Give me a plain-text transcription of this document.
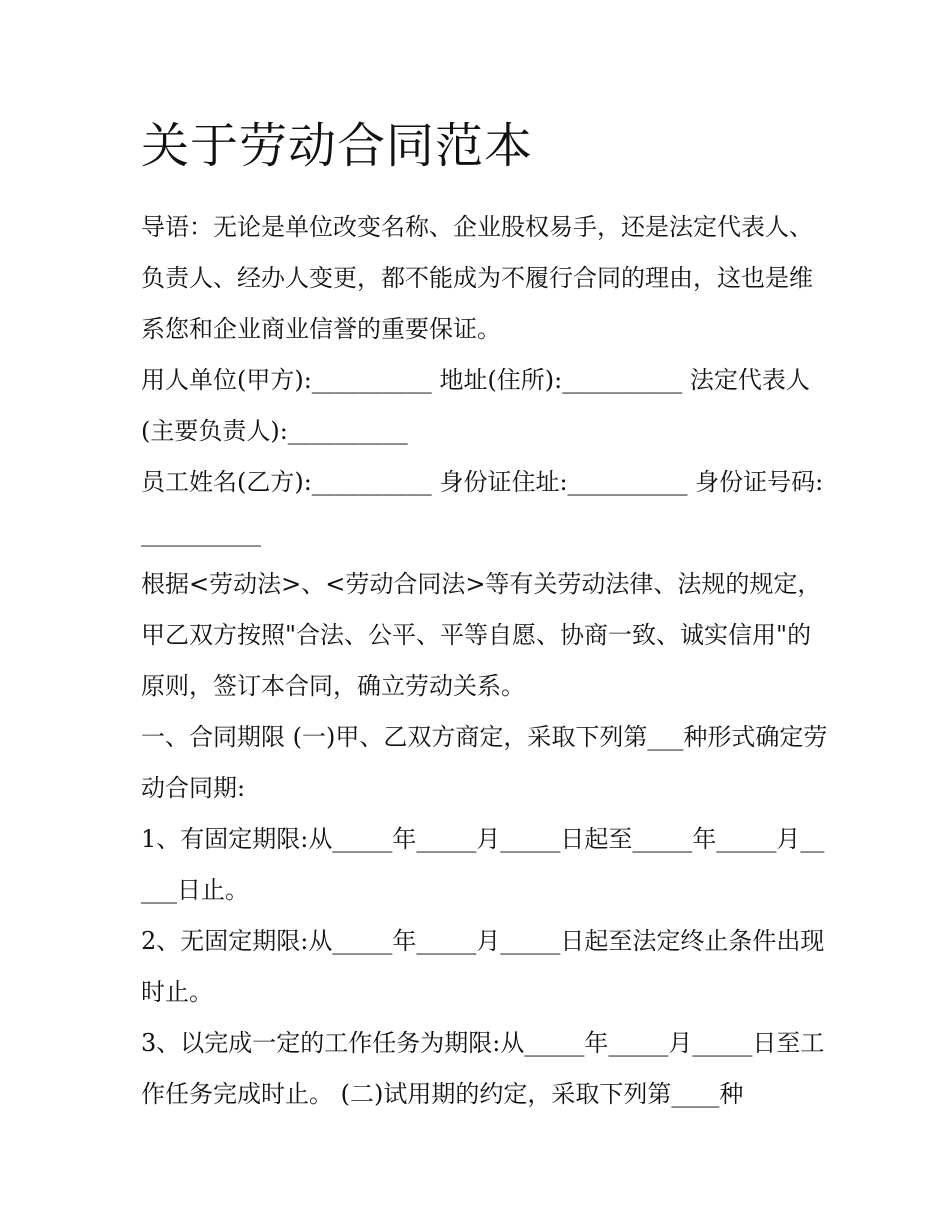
关于劳动合同范本

导语：无论是单位改变名称、企业股权易手，还是法定代表人、负责人、经办人变更，都不能成为不履行合同的理由，这也是维系您和企业商业信誉的重要保证。

用人单位(甲方):__________ 地址(住所):__________ 法定代表人(主要负责人):__________

员工姓名(乙方):__________ 身份证住址:__________ 身份证号码:__________

根据<劳动法>、<劳动合同法>等有关劳动法律、法规的规定，甲乙双方按照"合法、公平、平等自愿、协商一致、诚实信用"的原则，签订本合同，确立劳动关系。

一、合同期限 (一)甲、乙双方商定，采取下列第___种形式确定劳动合同期:

1、有固定期限:从_____年_____月_____日起至_____年_____月_____日止。

2、无固定期限:从_____年_____月_____日起至法定终止条件出现时止。

3、以完成一定的工作任务为期限:从_____年_____月_____日至工作任务完成时止。 (二)试用期的约定，采取下列第____种
